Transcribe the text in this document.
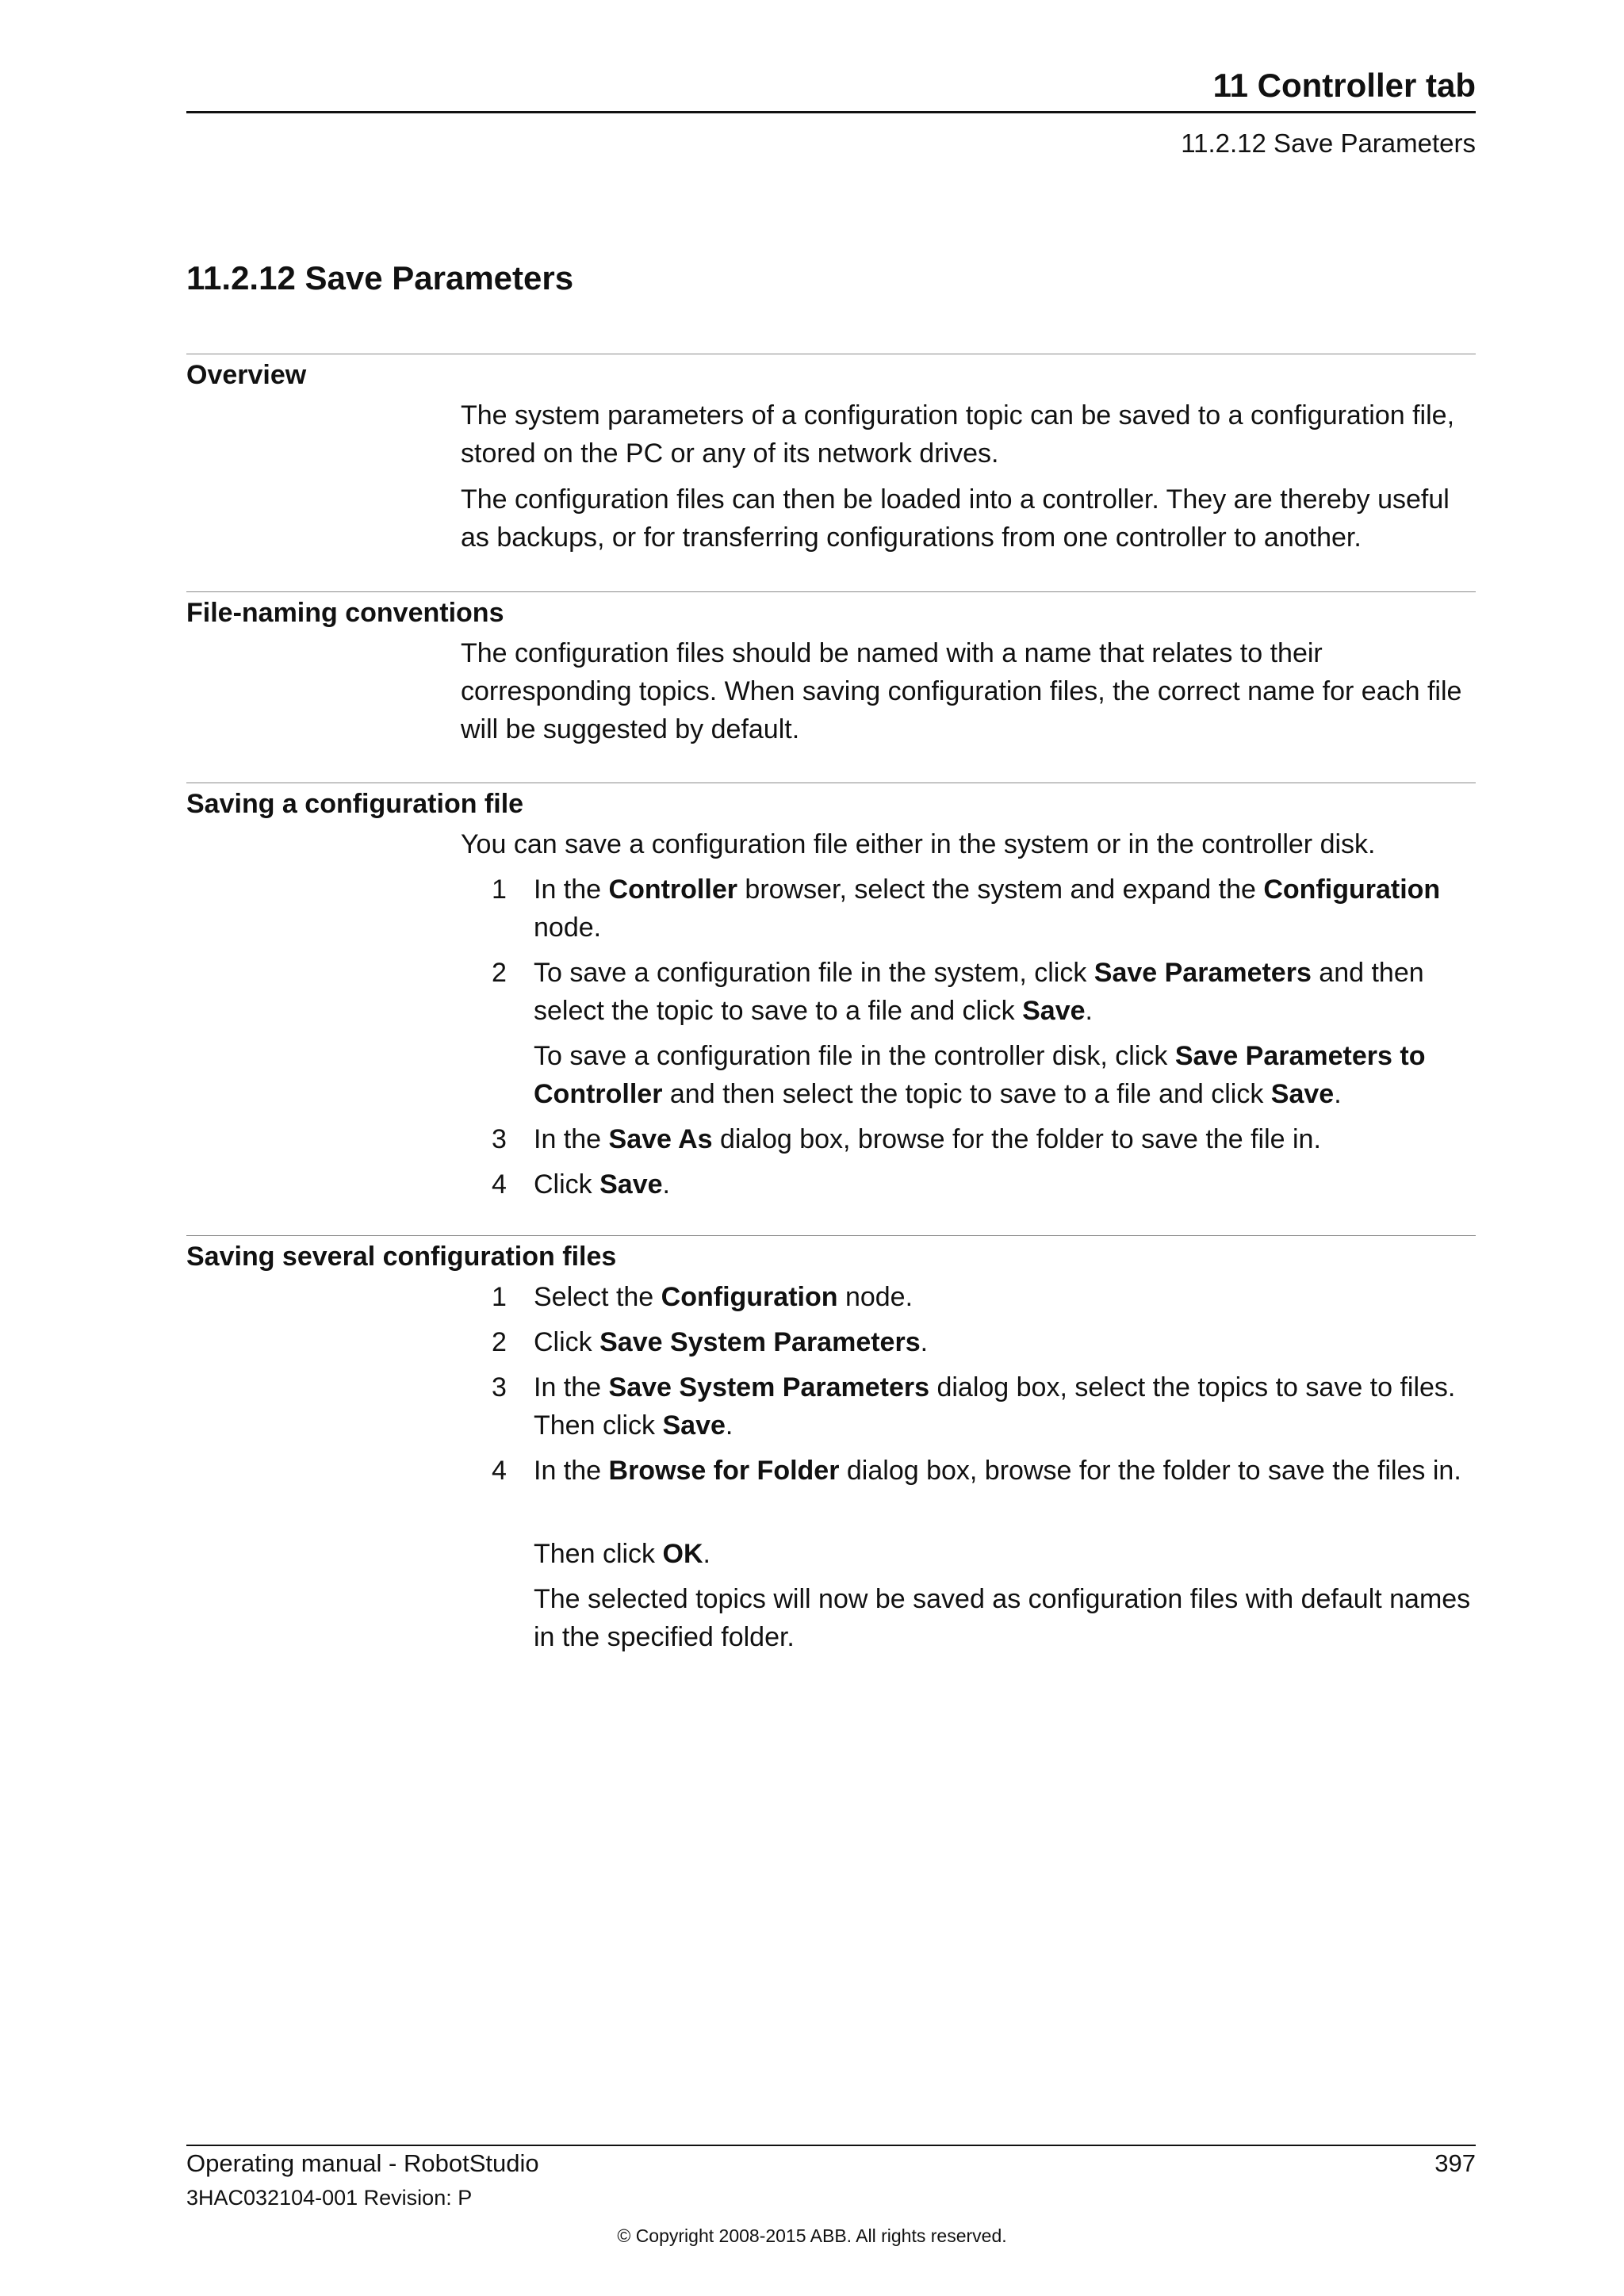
11 Controller tab
11.2.12 Save Parameters
11.2.12 Save Parameters
Overview

The system parameters of a configuration topic can be saved to a configuration file, stored on the PC or any of its network drives.

The configuration files can then be loaded into a controller. They are thereby useful as backups, or for transferring configurations from one controller to another.

File-naming conventions

The configuration files should be named with a name that relates to their corresponding topics. When saving configuration files, the correct name for each file will be suggested by default.

Saving a configuration file

You can save a configuration file either in the system or in the controller disk.

1 In the Controller browser, select the system and expand the Configuration node.

2 To save a configuration file in the system, click Save Parameters and then select the topic to save to a file and click Save.

To save a configuration file in the controller disk, click Save Parameters to Controller and then select the topic to save to a file and click Save.

3 In the Save As dialog box, browse for the folder to save the file in.

4 Click Save.

Saving several configuration files
1 Select the Configuration node.

2 Click Save System Parameters.

3 In the Save System Parameters dialog box, select the topics to save to files. Then click Save.

4 In the Browse for Folder dialog box, browse for the folder to save the files in.

Then click OK.

The selected topics will now be saved as configuration files with default names in the specified folder.

Operating manual - RobotStudio	397
3HAC032104-001 Revision: P
© Copyright 2008-2015 ABB. All rights reserved.
